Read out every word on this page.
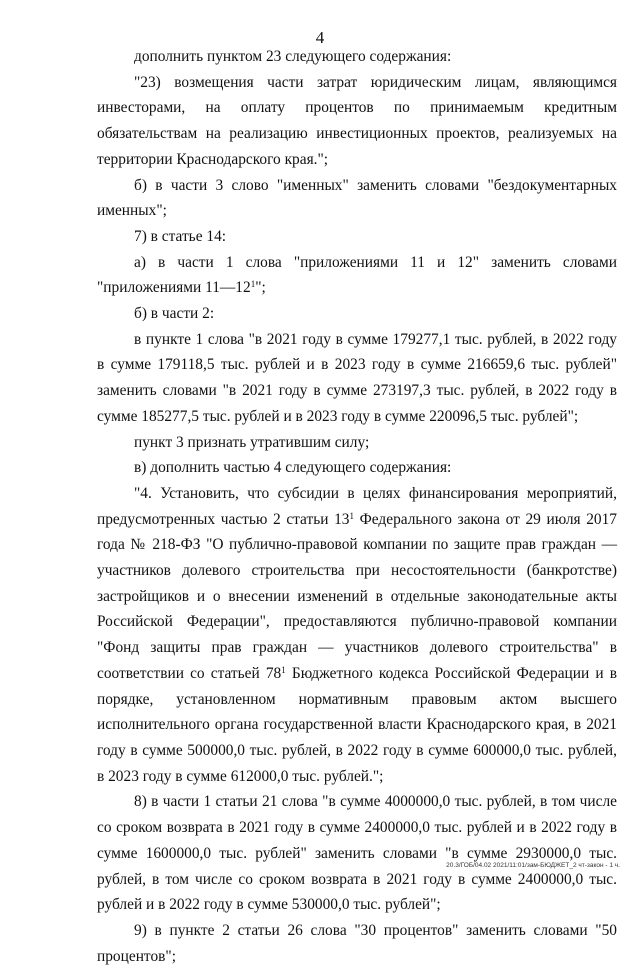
4

дополнить пунктом 23 следующего содержания:

"23) возмещения части затрат юридическим лицам, являющимся инвесторами, на оплату процентов по принимаемым кредитным обязательствам на реализацию инвестиционных проектов, реализуемых на территории Краснодарского края.";

б) в части 3 слово "именных" заменить словами "бездокументарных именных";

7) в статье 14:

а) в части 1 слова "приложениями 11 и 12" заменить словами "приложениями $11—12^1$";

б) в части 2:

в пункте 1 слова "в 2021 году в сумме 179277,1 тыс. рублей, в 2022 году в сумме 179118,5 тыс. рублей и в 2023 году в сумме 216659,6 тыс. рублей" заменить словами "в 2021 году в сумме 273197,3 тыс. рублей, в 2022 году в сумме 185277,5 тыс. рублей и в 2023 году в сумме 220096,5 тыс. рублей";

пункт 3 признать утратившим силу;

в) дополнить частью 4 следующего содержания:

"4. Установить, что субсидии в целях финансирования мероприятий, предусмотренных частью 2 статьи $13^1$ Федерального закона от 29 июля 2017 года № 218-ФЗ "О публично-правовой компании по защите прав граждан — участников долевого строительства при несостоятельности (банкротстве) застройщиков и о внесении изменений в отдельные законодательные акты Российской Федерации", предоставляются публично-правовой компании "Фонд защиты прав граждан — участников долевого строительства" в соответствии со статьей $78^1$ Бюджетного кодекса Российской Федерации и в порядке, установленном нормативным правовым актом высшего исполнительного органа государственной власти Краснодарского края, в 2021 году в сумме 500000,0 тыс. рублей, в 2022 году в сумме 600000,0 тыс. рублей, в 2023 году в сумме 612000,0 тыс. рублей.";

8) в части 1 статьи 21 слова "в сумме 4000000,0 тыс. рублей, в том числе со сроком возврата в 2021 году в сумме 2400000,0 тыс. рублей и в 2022 году в сумме 1600000,0 тыс. рублей" заменить словами "в сумме 2930000,0 тыс. рублей, в том числе со сроком возврата в 2021 году в сумме 2400000,0 тыс. рублей и в 2022 году в сумме 530000,0 тыс. рублей";

9) в пункте 2 статьи 26 слова "30 процентов" заменить словами "50 процентов";

20.3/ГОБ/04.02 2021/11:01/зам-БЮДЖЕТ_2 чт-закон - 1 ч.
